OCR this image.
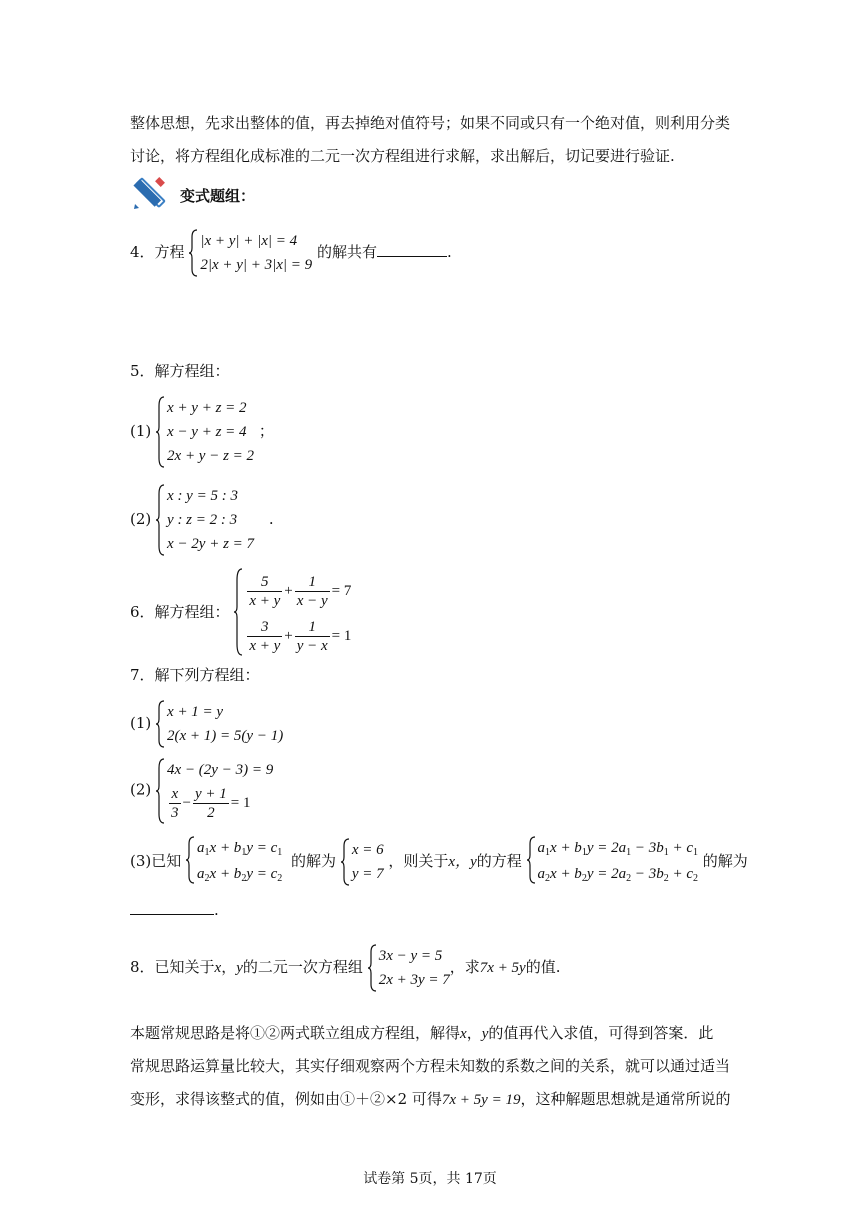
整体思想，先求出整体的值，再去掉绝对值符号；如果不同或只有一个绝对值，则利用分类
讨论，将方程组化成标准的二元一次方程组进行求解，求出解后，切记要进行验证.
变式题组：
4．方程
|x + y| + |x| = 4
2|x + y| + 3|x| = 9
的解共有	.
5．解方程组：
(1)
x + y + z = 2
x − y + z = 4
2x + y − z = 2
；
(2)
x : y = 5 : 3
y : z = 2 : 3
x − 2y + z = 7
.
6．解方程组：
$\frac{5}{x + y} + \frac{1}{x - y} = 7$
$\frac{3}{x + y} + \frac{1}{y - x} = 1$
7．解下列方程组：
(1)
x + 1 = y
2(x + 1) = 5(y − 1)
(2)
4x − (2y − 3) = 9
$\frac{x}{3} - \frac{y + 1}{2} = 1$
(3)已知
$a_1x + b_1y = c_1$
$a_2x + b_2y = c_2$
的解为
x = 6
y = 7
，则关于x，y的方程
$a_1x + b_1y = 2a_1 - 3b_1 + c_1$
$a_2x + b_2y = 2a_2 - 3b_2 + c_2$
的解为
.
8．已知关于x，y的二元一次方程组
3x − y = 5
2x + 3y = 7
，求7x + 5y的值.
本题常规思路是将①②两式联立组成方程组，解得x，y的值再代入求值，可得到答案．此
常规思路运算量比较大，其实仔细观察两个方程未知数的系数之间的关系，就可以通过适当
变形，求得该整式的值，例如由①＋②×2 可得7x + 5y = 19，这种解题思想就是通常所说的
试卷第 5页，共 17页
